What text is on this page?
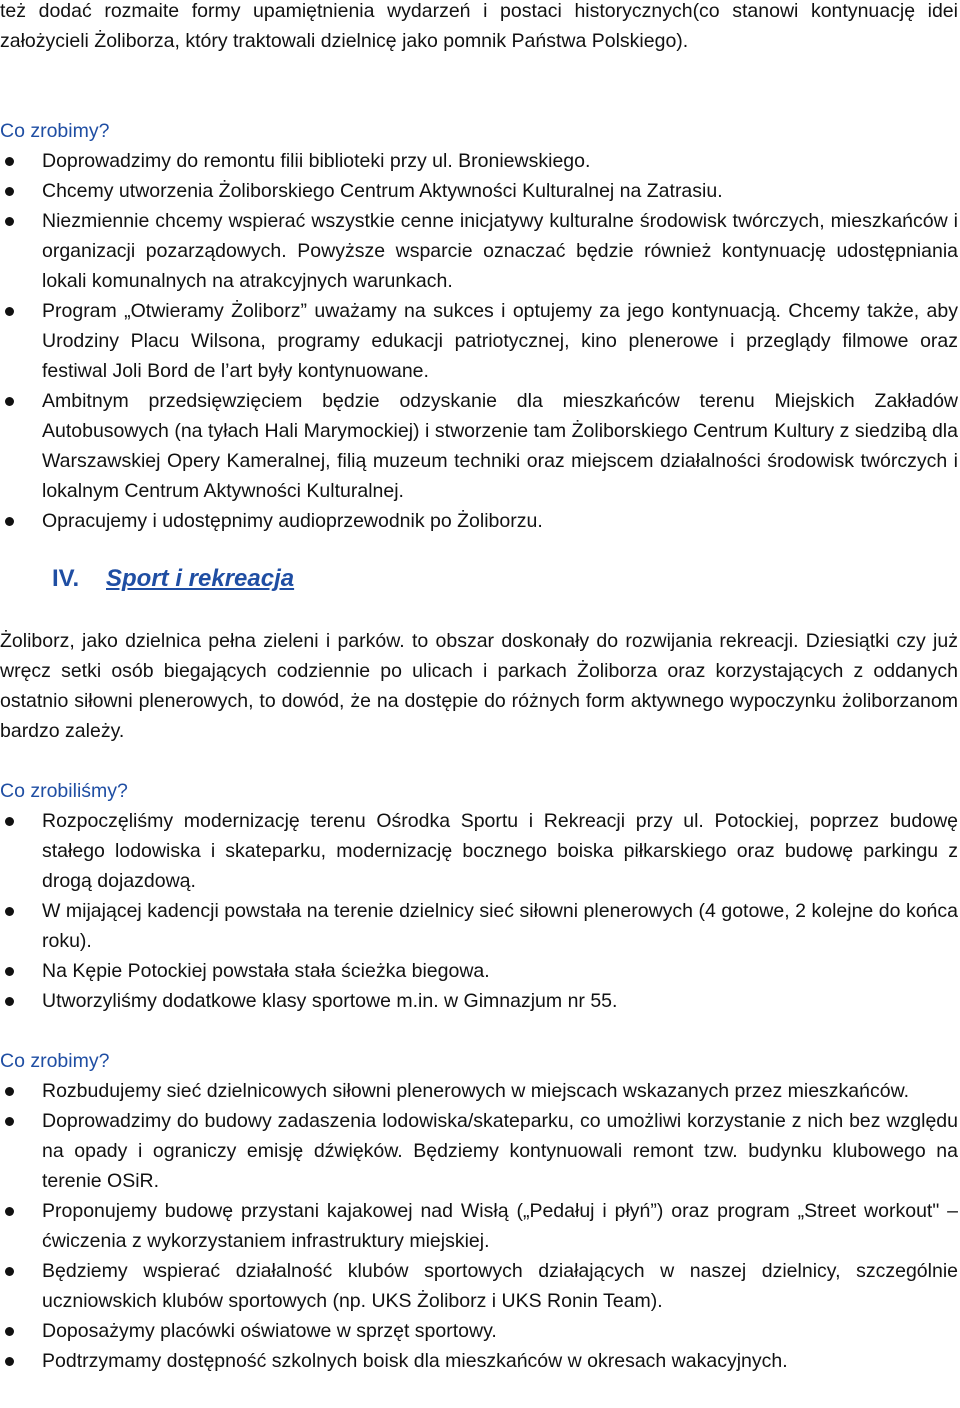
też dodać rozmaite formy upamiętnienia wydarzeń i postaci historycznych(co stanowi kontynuację idei założycieli Żoliborza, który traktowali dzielnicę jako pomnik Państwa Polskiego).

Co zrobimy?

Doprowadzimy do remontu filii biblioteki przy ul. Broniewskiego.
Chcemy utworzenia Żoliborskiego Centrum Aktywności Kulturalnej na Zatrasiu.
Niezmiennie chcemy wspierać wszystkie cenne inicjatywy kulturalne środowisk twórczych, mieszkańców i organizacji pozarządowych. Powyższe wsparcie oznaczać będzie również kontynuację udostępniania lokali komunalnych na atrakcyjnych warunkach.
Program „Otwieramy Żoliborz” uważamy na sukces i optujemy za jego kontynuacją. Chcemy także, aby Urodziny Placu Wilsona, programy edukacji patriotycznej, kino plenerowe i przeglądy filmowe oraz festiwal Joli Bord de l’art były kontynuowane.
Ambitnym przedsięwzięciem będzie odzyskanie dla mieszkańców terenu Miejskich Zakładów Autobusowych (na tyłach Hali Marymockiej) i stworzenie tam Żoliborskiego Centrum Kultury z siedzibą dla Warszawskiej Opery Kameralnej, filią muzeum techniki oraz miejscem działalności środowisk twórczych i lokalnym Centrum Aktywności Kulturalnej.
Opracujemy i udostępnimy audioprzewodnik po Żoliborzu.
IV. Sport i rekreacja

Żoliborz, jako dzielnica pełna zieleni i parków. to obszar doskonały do rozwijania rekreacji. Dziesiątki czy już wręcz setki osób biegających codziennie po ulicach i parkach Żoliborza oraz korzystających z oddanych ostatnio siłowni plenerowych, to dowód, że na dostępie do różnych form aktywnego wypoczynku żoliborzanom bardzo zależy.

Co zrobiliśmy?

Rozpoczęliśmy modernizację terenu Ośrodka Sportu i Rekreacji przy ul. Potockiej, poprzez budowę stałego lodowiska i skateparku, modernizację bocznego boiska piłkarskiego oraz budowę parkingu z drogą dojazdową.
W mijającej kadencji powstała na terenie dzielnicy sieć siłowni plenerowych (4 gotowe, 2 kolejne do końca roku).
Na Kępie Potockiej powstała stała ścieżka biegowa.
Utworzyliśmy dodatkowe klasy sportowe m.in. w Gimnazjum nr 55.

Co zrobimy?

Rozbudujemy sieć dzielnicowych siłowni plenerowych w miejscach wskazanych przez mieszkańców.
Doprowadzimy do budowy zadaszenia lodowiska/skateparku, co umożliwi korzystanie z nich bez względu na opady i ograniczy emisję dźwięków. Będziemy kontynuowali remont tzw. budynku klubowego na terenie OSiR.
Proponujemy budowę przystani kajakowej nad Wisłą („Pedałuj i płyń”) oraz program „Street workout" – ćwiczenia z wykorzystaniem infrastruktury miejskiej.
Będziemy wspierać działalność klubów sportowych działających w naszej dzielnicy, szczególnie uczniowskich klubów sportowych (np. UKS Żoliborz i UKS Ronin Team).
Doposażymy placówki oświatowe w sprzęt sportowy.
Podtrzymamy dostępność szkolnych boisk dla mieszkańców w okresach wakacyjnych.
